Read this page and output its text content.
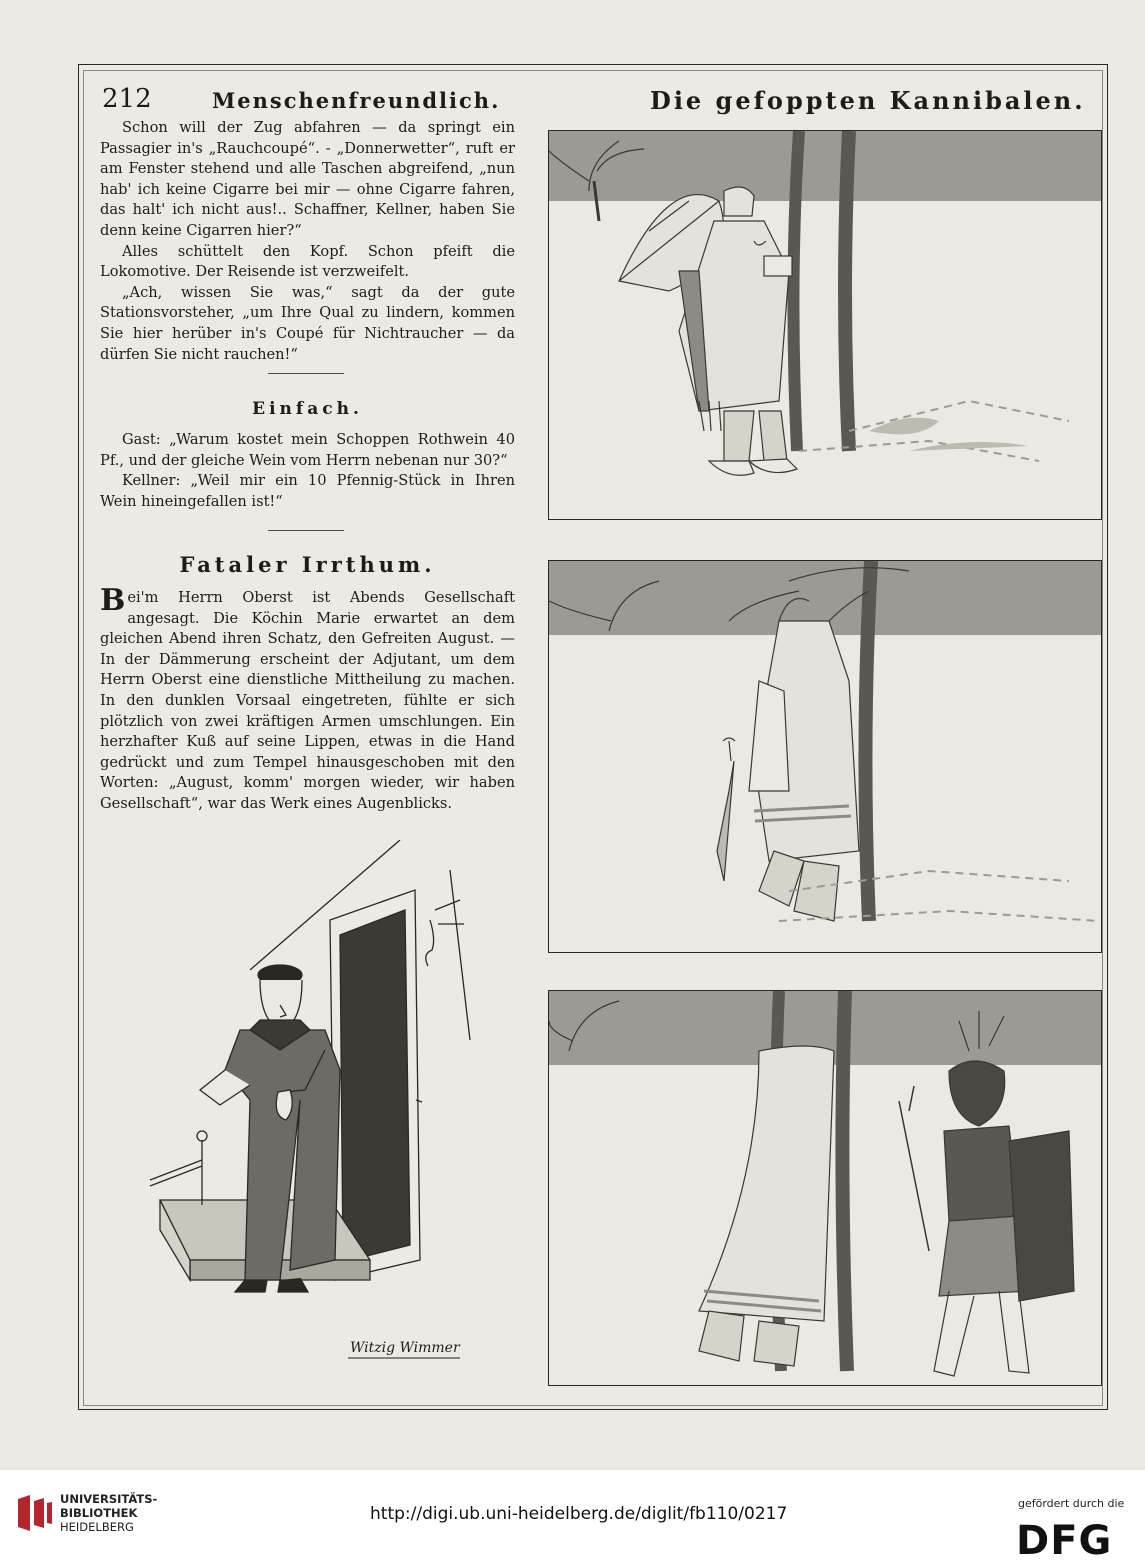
212	Menschenfreundlich.	Die gefoppten Kannibalen.

Schon will der Zug abfahren — da springt ein Passagier in's „Rauchcoupé“. - „Donnerwetter“, ruft er am Fenster stehend und alle Taschen abgreifend, „nun hab' ich keine Cigarre bei mir — ohne Cigarre fahren, das halt' ich nicht aus!.. Schaffner, Kellner, haben Sie denn keine Cigarren hier?“

Alles schüttelt den Kopf. Schon pfeift die Lokomotive. Der Reisende ist verzweifelt.

„Ach, wissen Sie was,“ sagt da der gute Stationsvorsteher, „um Ihre Qual zu lindern, kommen Sie hier herüber in's Coupé für Nichtraucher — da dürfen Sie nicht rauchen!“

Einfach.

Gast: „Warum kostet mein Schoppen Rothwein 40 Pf., und der gleiche Wein vom Herrn nebenan nur 30?“

Kellner: „Weil mir ein 10 Pfennig-Stück in Ihren Wein hineingefallen ist!“

Fataler Irrthum.

Bei'm Herrn Oberst ist Abends Gesellschaft angesagt. Die Köchin Marie erwartet an dem gleichen Abend ihren Schatz, den Gefreiten August. — In der Dämmerung erscheint der Adjutant, um dem Herrn Oberst eine dienstliche Mittheilung zu machen. In den dunklen Vorsaal eingetreten, fühlte er sich plötzlich von zwei kräftigen Armen umschlungen. Ein herzhafter Kuß auf seine Lippen, etwas in die Hand gedrückt und zum Tempel hinausgeschoben mit den Worten: „August, komm' morgen wieder, wir haben Gesellschaft“, war das Werk eines Augenblicks.

Witzig Wimmer
UNIVERSITÄTS-
BIBLIOTHEK
HEIDELBERG
http://digi.ub.uni-heidelberg.de/diglit/fb110/0217
gefördert durch die
DFG
